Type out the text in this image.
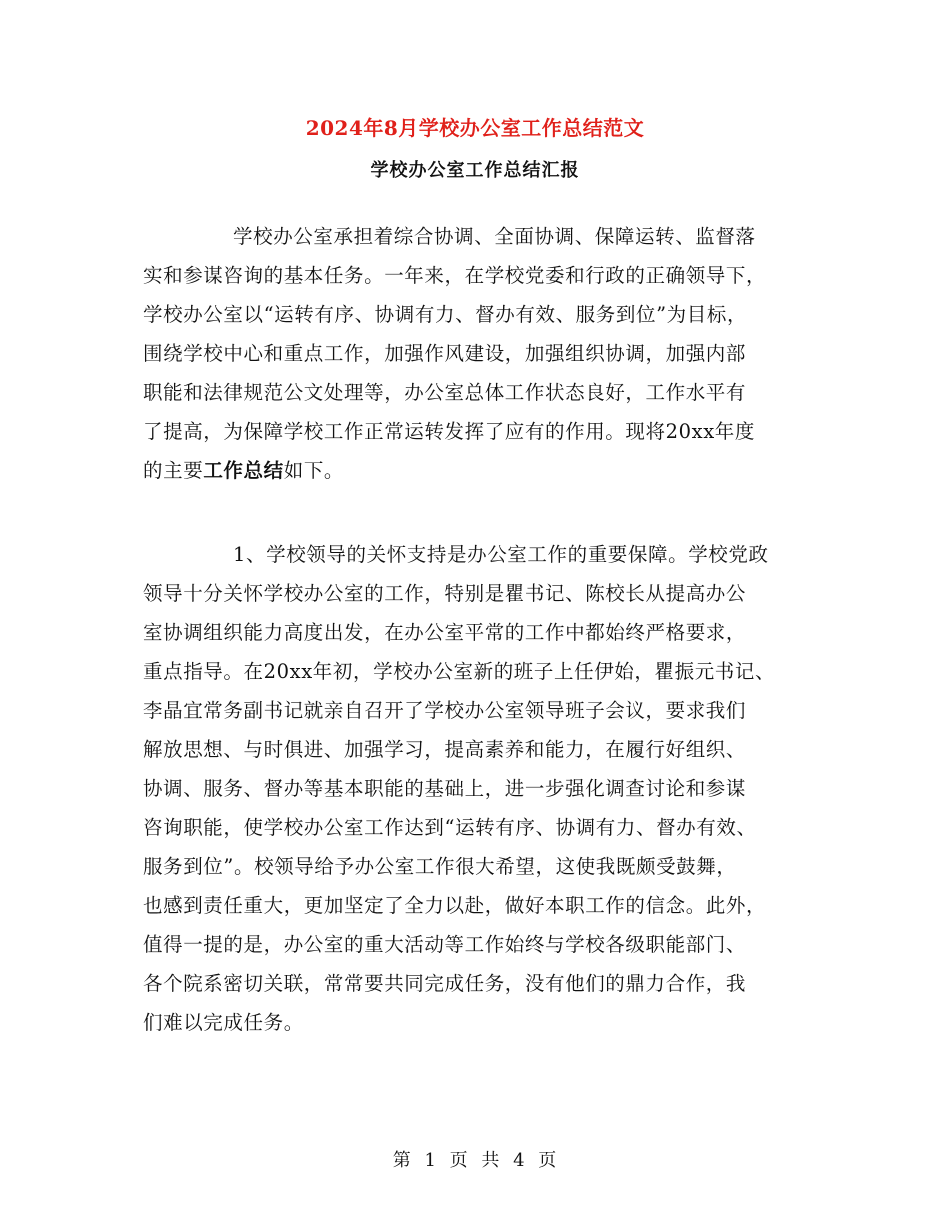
2024年8月学校办公室工作总结范文
学校办公室工作总结汇报
学校办公室承担着综合协调、全面协调、保障运转、监督落
实和参谋咨询的基本任务。一年来，在学校党委和行政的正确领导下，
学校办公室以“运转有序、协调有力、督办有效、服务到位”为目标，
围绕学校中心和重点工作，加强作风建设，加强组织协调，加强内部
职能和法律规范公文处理等，办公室总体工作状态良好，工作水平有
了提高，为保障学校工作正常运转发挥了应有的作用。现将20xx年度
的主要工作总结如下。
1、学校领导的关怀支持是办公室工作的重要保障。学校党政
领导十分关怀学校办公室的工作，特别是瞿书记、陈校长从提高办公
室协调组织能力高度出发，在办公室平常的工作中都始终严格要求，
重点指导。在20xx年初，学校办公室新的班子上任伊始，瞿振元书记、
李晶宜常务副书记就亲自召开了学校办公室领导班子会议，要求我们
解放思想、与时俱进、加强学习，提高素养和能力，在履行好组织、
协调、服务、督办等基本职能的基础上，进一步强化调查讨论和参谋
咨询职能，使学校办公室工作达到“运转有序、协调有力、督办有效、
服务到位”。校领导给予办公室工作很大希望，这使我既颇受鼓舞，
也感到责任重大，更加坚定了全力以赴，做好本职工作的信念。此外，
值得一提的是，办公室的重大活动等工作始终与学校各级职能部门、
各个院系密切关联，常常要共同完成任务，没有他们的鼎力合作，我
们难以完成任务。
第 1 页 共 4 页
